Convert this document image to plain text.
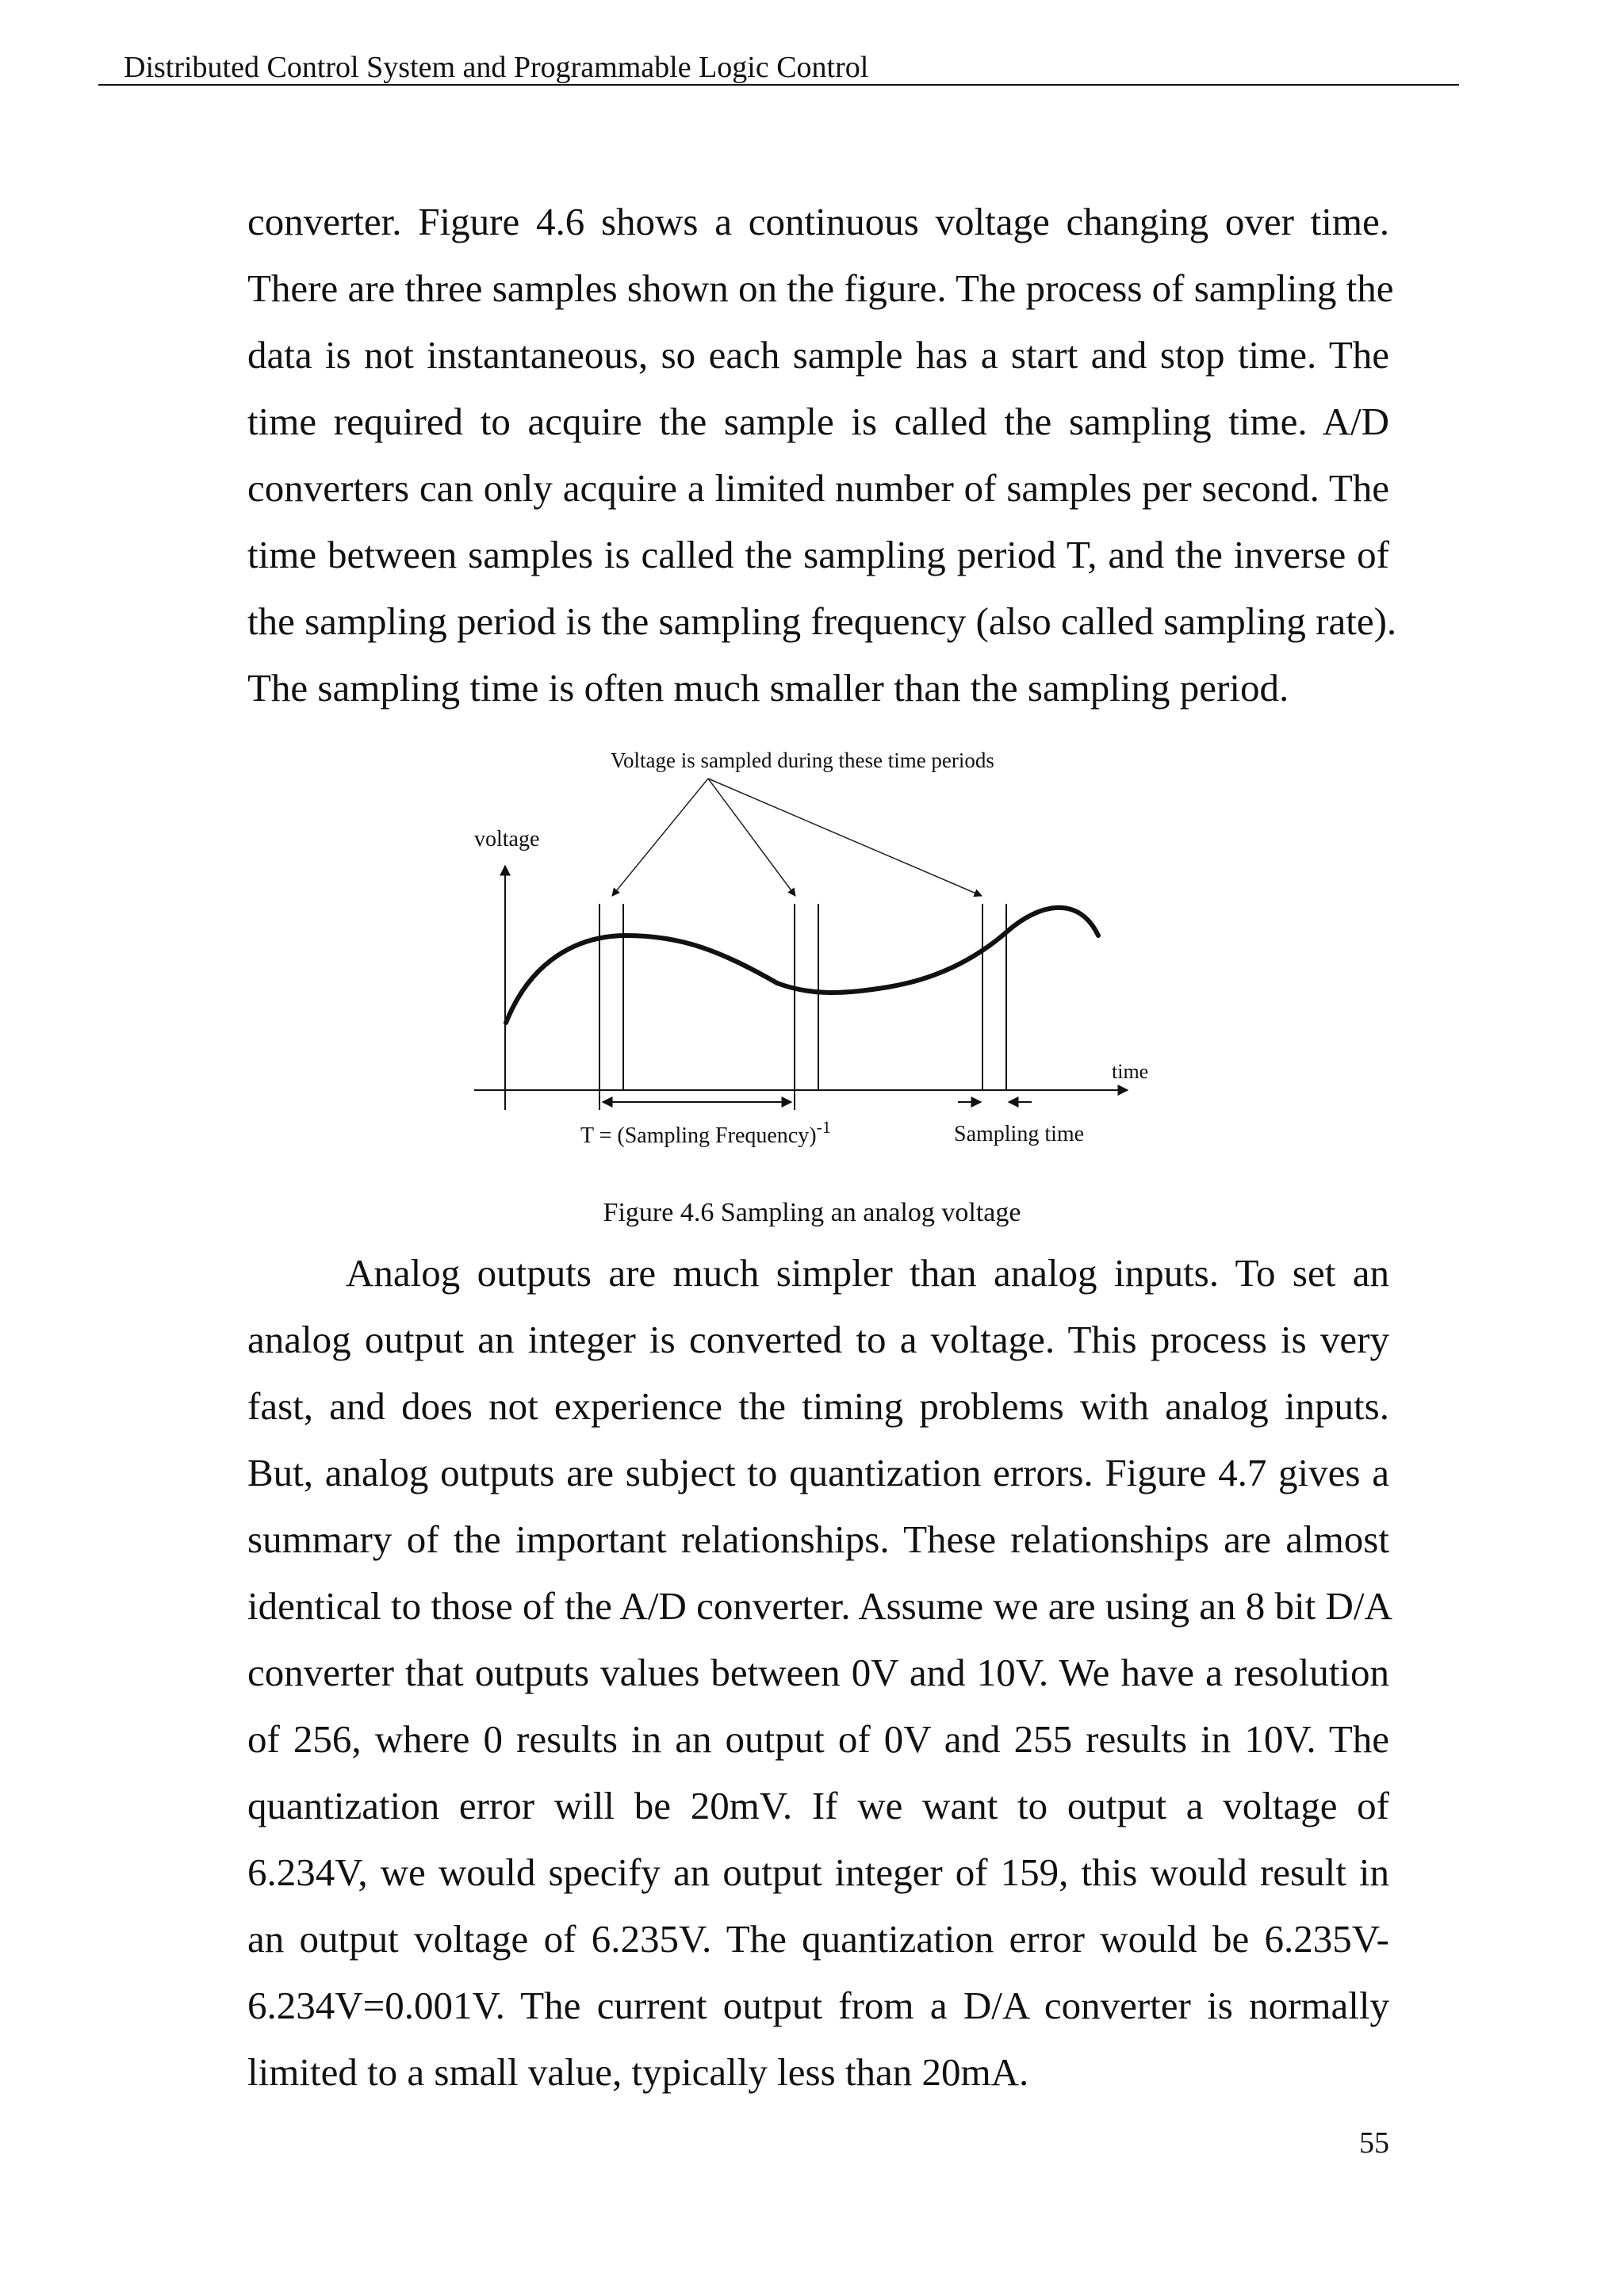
Distributed Control System and Programmable Logic Control
converter. Figure 4.6 shows a continuous voltage changing over time.
There are three samples shown on the figure. The process of sampling the
data is not instantaneous, so each sample has a start and stop time. The
time required to acquire the sample is called the sampling time. A/D
converters can only acquire a limited number of samples per second. The
time between samples is called the sampling period T, and the inverse of
the sampling period is the sampling frequency (also called sampling rate).
The sampling time is often much smaller than the sampling period.
Voltage is sampled during these time periods
voltage
time
T = (Sampling Frequency)$^{-1}$	Sampling time
Figure 4.6 Sampling an analog voltage
Analog outputs are much simpler than analog inputs. To set an
analog output an integer is converted to a voltage. This process is very
fast, and does not experience the timing problems with analog inputs.
But, analog outputs are subject to quantization errors. Figure 4.7 gives a
summary of the important relationships. These relationships are almost
identical to those of the A/D converter. Assume we are using an 8 bit D/A
converter that outputs values between 0V and 10V. We have a resolution
of 256, where 0 results in an output of 0V and 255 results in 10V. The
quantization error will be 20mV. If we want to output a voltage of
6.234V, we would specify an output integer of 159, this would result in
an output voltage of 6.235V. The quantization error would be 6.235V-
6.234V=0.001V. The current output from a D/A converter is normally
limited to a small value, typically less than 20mA.
55
